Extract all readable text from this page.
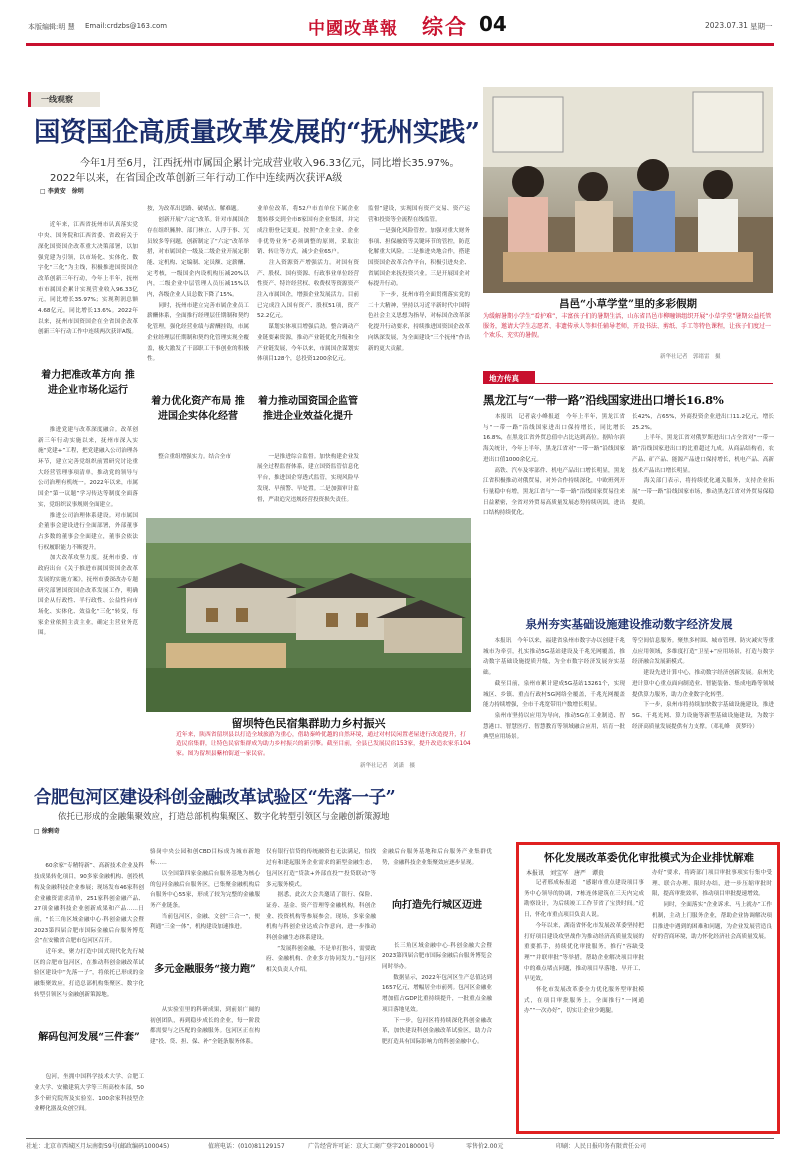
本版编辑:明 慧 Email:crdzbs@163.com	中國改革報 综合 04	2023.07.31 星期一
一线观察
国资国企高质量改革发展的“抚州实践”
今年1月至6月，江西抚州市属国企累计完成营业收入96.33亿元，同比增长35.97%。
2022年以来，在省国企改革创新三年行动工作中连续两次获评A级
□ 李黄安　徐明

　　近年来，江西省抚州市认真落实党中央、国务院和江西省委、省政府关于深化国资国企改革重大决策部署，以加强党建为引领，以市场化、实体化、数字化“三化”为主线，积极推进国资国企改革创新三年行动，今年上半年，抚州市市属国企累计实现营业收入96.33亿元，同比增长35.97%；实现利润总额4.68亿元，同比增长13.6%。2022年以来，抚州市国资国企在全省国企改革创新三年行动工作中连续两次获评A级。

着力把准改革方向 推进企业市场化运行

　　推进党建与改革深度融合。改革创新三年行动实施以来，抚州市深入实施“党建+”工程，把党建融入公司治理各环节，建立完善党组织前置研究讨论重大经营管理事项清单，推动党的领导与公司治理有机统一。2022年以来，市属国企“第一议题”学习传达等制度全面落实，党组织议事规则全面建立。
　　推进公司治理体系建设。对市属国企董事会建设进行全面部署，外部董事占多数的董事会全面建立，董事会依法行权履职能力不断提升。
　　加大改革攻坚力度。抚州市委、市政府出台《关于推进市属国资国企改革发展的实施方案》，抚州市委深改办专题研究部署国资国企改革发展工作，明确国企从行政性、半行政性、公益性向市场化、实体化、效益化“三化”转变，每家企业依照主责主业，确定主营业务范围。

按，为改革出思路、破堵点、解难题。
　　创新开展“六定”改革。针对市属国企存在组织臃肿、部门林立、人浮于事、冗员较多等问题，创新制定了“六定”改革举措，对市属国企一级及二级企业开展定职能、定机构、定编制、定员额、定薪酬、定考核，一级国企内设机构压减20%以内，二级企业中层管理人员压减15%以内，各级企业人员总数下降了15%。
　　同时，抚州市建立完善市属企业员工薪酬体系，全面推行经理层任期制和契约化管理，强化经营业绩与薪酬挂钩，市属企业经理层任期制和契约化管理实现全覆盖，极大激发了干部职工干事创业的积极性。

着力优化资产布局 推进国企实体化经营

　　整合重组增强实力。结合全市

业单位改革，将52户市直单位下属企业划转移交到全市8家国有企业集团，并完成注册登记变更。按照“企业主业、企业非优势业务”必须调整的原则，采取注销、转让等方式，减少企业65户。
　　注入资源资产增强活力。对国有资产、股权、国有资源、行政事业单位经营性资产、特许经营权、收费权等资源资产注入市属国企，增强企业发展活力。目前已完成注入国有资产、股权51项，资产52.2亿元。
　　谋划实体项目增强后劲。整合调动产业链要素资源，推动产业链优化升级和全产业链发展，今年以来，市属国企谋划实体项目128个，总投资1200余亿元。

着力推动国资国企监管 推进企业效益化提升

　　一是推进综合监督。加快构建企业发展全过程监督体系，建立国资监管信息化平台，推进国企穿透式监管，实现风险早发现、早预警、早处置。二是加强审计监督，严肃追究违规经营投资损失责任。

监督”建设，实现国有资产交易、资产运营和投资等全流程在线监管。
　　一是强化风险管控。加强对重大财务事项、担保融资等关键环节的管控，防范化解重大风险。二是推进央地合作，搭建国资国企改革合作平台，积极引进央企、省属国企来抚投资兴业。三是开展国企对标提升行动。
　　下一步，抚州市将全面贯彻落实党的二十大精神，坚持以习近平新时代中国特色社会主义思想为指导，对标国企改革深化提升行动要求，持续推进国资国企改革向纵深发展，为全面建设“三个抚州”作出新的更大贡献。

昌邑“小草学堂”里的多彩假期
为缓解暑期小学生“看护难”，丰富孩子们的暑期生活，山东省昌邑市柳疃镇组织开展“小草学堂”暑期公益托管服务，邀请大学生志愿者、非遗传承人等担任辅导老师，开设书法、剪纸、手工等特色课程，让孩子们度过一个欢乐、充实的暑假。
新华社记者　郭绪雷　摄
地方传真
黑龙江与“一带一路”沿线国家进出口增长16.8%
　　本报讯　记者袁小峰报道　今年上半年，黑龙江省与“一带一路”沿线国家进出口保持增长，同比增长16.8%，在黑龙江省外贸总值中占比达到高位。据哈尔滨海关统计，今年上半年，黑龙江省对“一带一路”沿线国家进出口值1000余亿元。
　　高铁、汽车及零部件、机电产品出口增长明显，黑龙江省积极推动对俄贸易，对外合作持续深化，中欧班列开行量稳中有增，黑龙江省与“一带一路”沿线国家贸易往来日益紧密，全省对外贸易高质量发展态势持续巩固，进出口结构持续优化。
长42%，占65%，外商投资企业进出口11.2亿元，增长25.2%。
　　上半年，黑龙江省对俄罗斯进出口占全省对“一带一路”沿线国家进出口的比重超过九成。从商品结构看，农产品、矿产品、能源产品进口保持增长，机电产品、高新技术产品出口增长明显。
　　海关部门表示，将持续优化通关服务，支持企业拓展“一带一路”沿线国家市场，推动黑龙江省对外贸易保稳提质。
泉州夯实基础设施建设推动数字经济发展
　　本报讯　今年以来，福建省泉州市数字办以创建千兆城市为牵引，扎实推动5G基站建设及千兆光网覆盖，推动数字基础设施提质升级，为全市数字经济发展夯实基础。
　　截至目前，泉州市累计建成5G基站13261个，实现城区、乡镇、重点行政村5G网络全覆盖，千兆光网覆盖能力持续增强，全市千兆宽带用户数增长明显。
　　泉州市坚持以应用为导向，推动5G在工业制造、智慧港口、智慧医疗、智慧教育等领域融合应用，培育一批典型应用场景。
等空间信息服务。聚焦多村围、城市管理、防灾减灾等重点应用领域，多维度打造“卫星+”应用场景，打造与数字经济融合发展新模式。
　　建设先进计算中心，推动数字经济创新发展。泉州先进计算中心重点面向制造业、智能装备、集成电路等领域提供算力服务，助力企业数字化转型。
　　下一步，泉州市将持续加快数字基础设施建设，推进5G、千兆光网、算力设施等新型基础设施建设，为数字经济高质量发展提供有力支撑。（邓礼峰　黄梦玲）
留坝特色民宿集群助力乡村振兴
近年来，陕西省留坝县以打造全域旅游为重心，借助秦岭优越的自然环境，通过对村民闲置老屋进行改造提升，打造民宿集群，让特色民宿集群成为助力乡村振兴的新引擎。截至目前，全县已发展民宿153家，提升改造农家乐104家。图为留坝县紫柏街道一家民宿。
新华社记者　刘潇　摄
合肥包河区建设科创金融改革试验区“先落一子”
依托已形成的金融集聚效应，打造总部机构集聚区、数字化转型引领区与金融创新策源地
□ 徐剩奇

　　60余家“专精特新”、高新技术企业及科技成果转化项目，90多家金融机构、创投机构及金融科技企业参展；现场发布46家科创企业融资需求清单，251家科创金融产品、27项金融科技企业创新成果和产品……日前，“长三角区域金融中心·科创金融大会暨2023第四届合肥市国际金融后台服务博览会”在安徽省合肥市包河区召开。
　　近年来，聚力打造中国式现代化先行城区的合肥市包河区，在推动科创金融改革试验区建设中“先落一子”，将依托已形成的金融集聚效应，打造总部机构集聚区、数字化转型引领区与金融创新策源地。

解码包河发展“三件套”

　　包河，坐拥中国科学技术大学、合肥工业大学、安徽建筑大学等三所高校本部，50多个研究院所及实验室、100余家科技型企业孵化器及众创空间。

骆岗中央公园和创CBD目标成为城市新地标……
　　以全国第四家金融后台服务基地为核心的包河金融后台服务区，已集聚金融机构后台服务中心55家，形成了较为完整的金融服务产业链条。
　　当前包河区，金融、文创“三合一”，便利通“三金一体”，机构建设加速推进。

多元金融服务“接力跑”

　　从实验室里的科研成果，到前景广阔的初创团队，再到稳步成长的企业，每一阶段都需要与之匹配的金融服务。包河区正在构建“投、贷、担、保、补”全链条服务体系。

仅有银行信贷的传统融资也无法满足，怕找过有和建起服务企业需求的新型金融生态，包河区打造“贷款+外部直投”“投贷联动”等多元服务模式。
　　据悉，此次大会共邀请了银行、保险、证券、基金、资产管理等金融机构，科创企业、投资机构等参展参会。现场，多家金融机构与科创企业达成合作意向，进一步推动科创金融生态体系建设。
　　“发展科创金融，不是单打独斗，需要政府、金融机构、企业多方协同发力。”包河区相关负责人介绍。

金融后台服务基地和后台服务产业集群优势，金融科技企业集聚效应逐步显现。

向打造先行城区迈进

　　长三角区域金融中心·科创金融大会暨2023第四届合肥市国际金融后台服务博览会同时举办。
　　数据显示，2022年包河区生产总值达到1657亿元，增幅居全市前列。包河区金融业增加值占GDP比重持续提升，一批重点金融项目落地见效。
　　下一步，包河区将持续深化科创金融改革，加快建设科创金融改革试验区，助力合肥打造具有国际影响力的科创金融中心。

怀化发展改革委优化审批模式为企业排忧解难
本报讯　刘宝军　唐严　谭贵
　　记者邢成标报道　“感谢市重点建设项目事务中心领导的协调，7栋连体建筑在三天内完成勘察设计，为后续竣工工作节省了宝贵时间。”近日，怀化市重点项目负责人说。
　　今年以来，湖南省怀化市发展改革委坚持把打好项目建设攻坚战作为推动经济高质量发展的重要抓手，持续优化审批服务，推行“容缺受理”“并联审批”等举措，帮助企业解决项目审批中的难点堵点问题，推动项目早落地、早开工、早见效。
　　怀化市发展改革委全力优化服务型审批模式，在项目审批服务上，全面推行“一网通办”“一次办好”，切实让企业少跑腿。
办好”要求，将跨部门项目审批事项实行集中受理、联合办理、限时办结，进一步压缩审批时限，提高审批效率，推动项目审批提速增效。
　　同时，全面落实“企业诉求、马上就办”工作机制，主动上门服务企业，帮助企业协调解决项目推进中遇到的困难和问题，为企业发展营造良好的营商环境，助力怀化经济社会高质量发展。
社址：北京市西城区月坛南街59号(邮政编码100045)	值班电话：(010)81129157	广告经营许可证：京大工商广登字20180001号	零售价2.00元	印刷：人民日报印务有限责任公司
